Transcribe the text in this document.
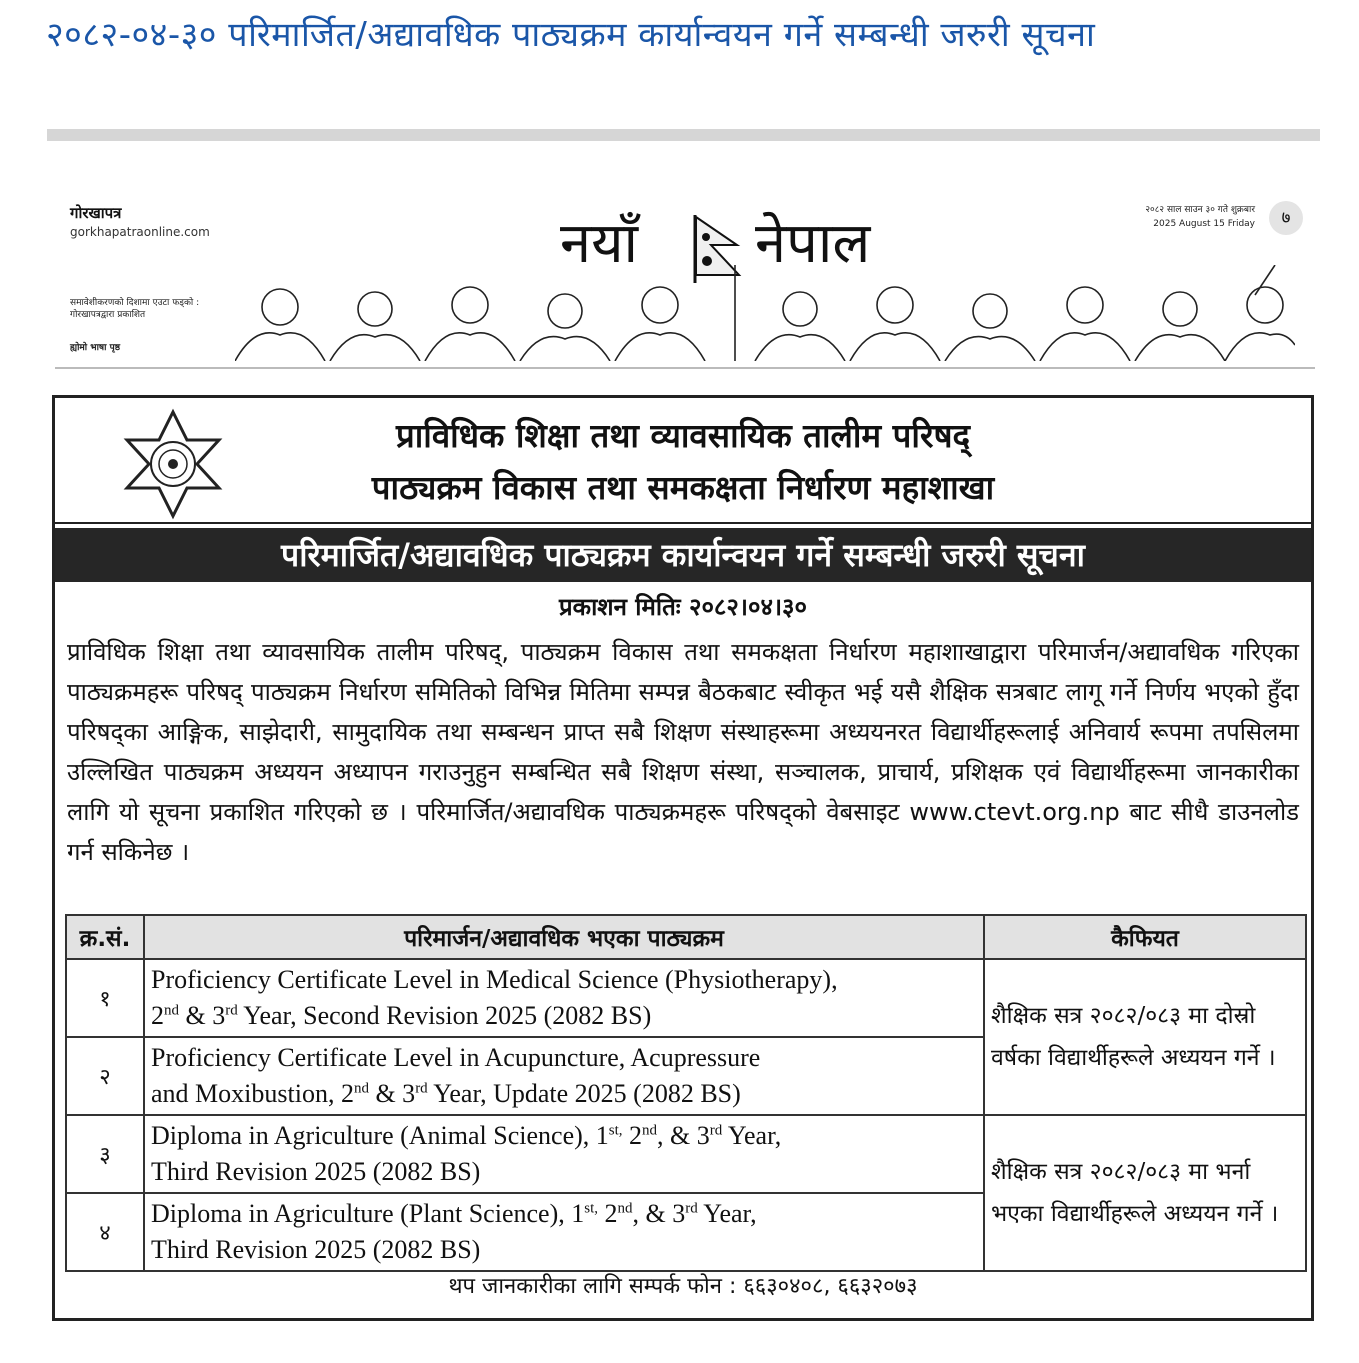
२०८२-०४-३० परिमार्जित/अद्यावधिक पाठ्यक्रम कार्यान्वयन गर्ने सम्बन्धी जरुरी सूचना
गोरखापत्र
gorkhapatraonline.com
समावेशीकरणको दिशामा एउटा फड्को : गोरखापत्रद्वारा प्रकाशित
ह्योमो भाषा पृष्ठ
नयाँ नेपाल
२०८२ साल साउन ३० गते शुक्रबार
2025 August 15 Friday	७
प्राविधिक शिक्षा तथा व्यावसायिक तालीम परिषद्
पाठ्यक्रम विकास तथा समकक्षता निर्धारण महाशाखा
परिमार्जित/अद्यावधिक पाठ्यक्रम कार्यान्वयन गर्ने सम्बन्धी जरुरी सूचना
प्रकाशन मितिः २०८२।०४।३०
प्राविधिक शिक्षा तथा व्यावसायिक तालीम परिषद्, पाठ्यक्रम विकास तथा समकक्षता निर्धारण महाशाखाद्वारा परिमार्जन/अद्यावधिक गरिएका पाठ्यक्रमहरू परिषद् पाठ्यक्रम निर्धारण समितिको विभिन्न मितिमा सम्पन्न बैठकबाट स्वीकृत भई यसै शैक्षिक सत्रबाट लागू गर्ने निर्णय भएको हुँदा परिषद्का आङ्गिक, साझेदारी, सामुदायिक तथा सम्बन्धन प्राप्त सबै शिक्षण संस्थाहरूमा अध्ययनरत विद्यार्थीहरूलाई अनिवार्य रूपमा तपसिलमा उल्लिखित पाठ्यक्रम अध्ययन अध्यापन गराउनुहुन सम्बन्धित सबै शिक्षण संस्था, सञ्चालक, प्राचार्य, प्रशिक्षक एवं विद्यार्थीहरूमा जानकारीका लागि यो सूचना प्रकाशित गरिएको छ । परिमार्जित/अद्यावधिक पाठ्यक्रमहरू परिषद्को वेबसाइट www.ctevt.org.np बाट सीधै डाउनलोड गर्न सकिनेछ ।
क्र.सं.	परिमार्जन/अद्यावधिक भएका पाठ्यक्रम	कैफियत
१	Proficiency Certificate Level in Medical Science (Physiotherapy),
2nd & 3rd Year, Second Revision 2025 (2082 BS)	शैक्षिक सत्र २०८२/०८३ मा दोस्रो वर्षका विद्यार्थीहरूले अध्ययन गर्ने ।
२	Proficiency Certificate Level in Acupuncture, Acupressure
and Moxibustion, 2nd & 3rd Year, Update 2025 (2082 BS)	
३	Diploma in Agriculture (Animal Science), $1^{st,}$ 2nd, & 3rd Year,
Third Revision 2025 (2082 BS)	शैक्षिक सत्र २०८२/०८३ मा भर्ना भएका विद्यार्थीहरूले अध्ययन गर्ने ।
४	Diploma in Agriculture (Plant Science), $1^{st,}$ 2nd, & 3rd Year,
Third Revision 2025 (2082 BS)	
थप जानकारीका लागि सम्पर्क फोन : ६६३०४०८, ६६३२०७३
